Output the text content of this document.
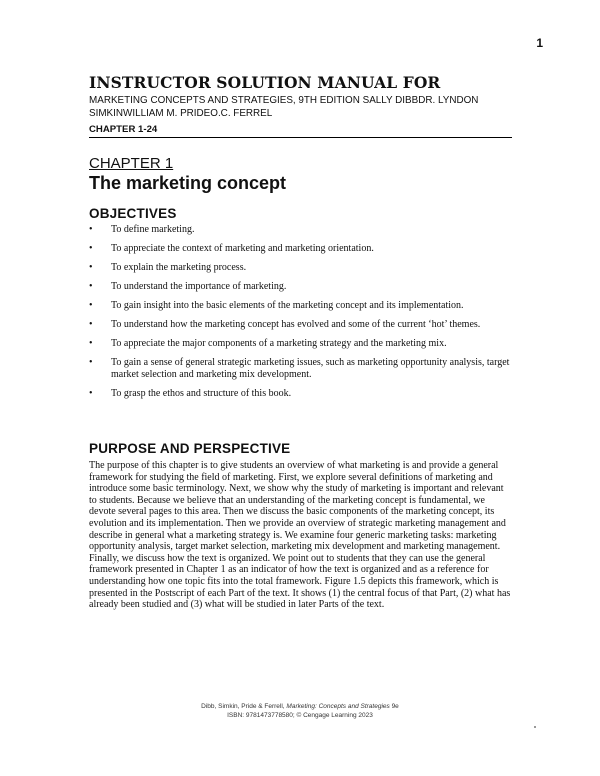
1
INSTRUCTOR SOLUTION MANUAL FOR
MARKETING CONCEPTS AND STRATEGIES, 9TH EDITION SALLY DIBBDR. LYNDON SIMKINWILLIAM M. PRIDEO.C. FERREL
CHAPTER 1-24
CHAPTER 1
The marketing concept
OBJECTIVES
• To define marketing.
• To appreciate the context of marketing and marketing orientation.
• To explain the marketing process.
• To understand the importance of marketing.
• To gain insight into the basic elements of the marketing concept and its implementation.
• To understand how the marketing concept has evolved and some of the current ‘hot’ themes.
• To appreciate the major components of a marketing strategy and the marketing mix.
• To gain a sense of general strategic marketing issues, such as marketing opportunity analysis, target market selection and marketing mix development.
• To grasp the ethos and structure of this book.
PURPOSE AND PERSPECTIVE

The purpose of this chapter is to give students an overview of what marketing is and provide a general framework for studying the field of marketing. First, we explore several definitions of marketing and introduce some basic terminology. Next, we show why the study of marketing is important and relevant to students. Because we believe that an understanding of the marketing concept is fundamental, we devote several pages to this area. Then we discuss the basic components of the marketing concept, its evolution and its implementation. Then we provide an overview of strategic marketing management and describe in general what a marketing strategy is. We examine four generic marketing tasks: marketing opportunity analysis, target market selection, marketing mix development and marketing management. Finally, we discuss how the text is organized. We point out to students that they can use the general framework presented in Chapter 1 as an indicator of how the text is organized and as a reference for understanding how one topic fits into the total framework. Figure 1.5 depicts this framework, which is presented in the Postscript of each Part of the text. It shows (1) the central focus of that Part, (2) what has already been studied and (3) what will be studied in later Parts of the text.

Dibb, Simkin, Pride & Ferrell, Marketing: Concepts and Strategies 9e
ISBN: 9781473778580; © Cengage Learning 2023
